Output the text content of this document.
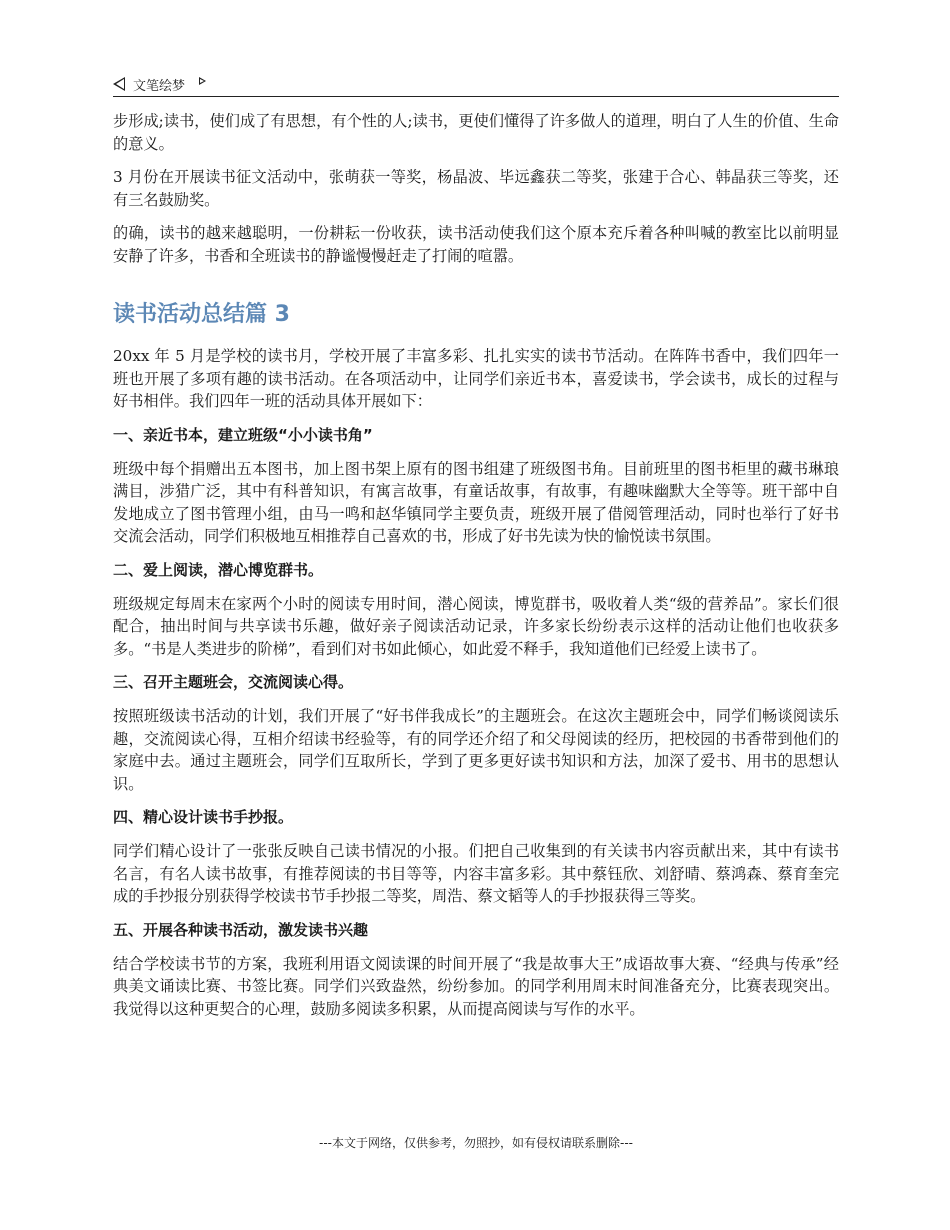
文笔绘梦

步形成;读书，使们成了有思想，有个性的人;读书，更使们懂得了许多做人的道理，明白了人生的价值、生命的意义。

3 月份在开展读书征文活动中，张萌获一等奖，杨晶波、毕远鑫获二等奖，张建于合心、韩晶获三等奖，还有三名鼓励奖。

的确，读书的越来越聪明，一份耕耘一份收获，读书活动使我们这个原本充斥着各种叫喊的教室比以前明显安静了许多，书香和全班读书的静谧慢慢赶走了打闹的喧嚣。

读书活动总结篇 3

20xx 年 5 月是学校的读书月，学校开展了丰富多彩、扎扎实实的读书节活动。在阵阵书香中，我们四年一班也开展了多项有趣的读书活动。在各项活动中，让同学们亲近书本，喜爱读书，学会读书，成长的过程与好书相伴。我们四年一班的活动具体开展如下：

一、亲近书本，建立班级“小小读书角”

班级中每个捐赠出五本图书，加上图书架上原有的图书组建了班级图书角。目前班里的图书柜里的藏书琳琅满目，涉猎广泛，其中有科普知识，有寓言故事，有童话故事，有故事，有趣味幽默大全等等。班干部中自发地成立了图书管理小组，由马一鸣和赵华镇同学主要负责，班级开展了借阅管理活动，同时也举行了好书交流会活动，同学们积极地互相推荐自己喜欢的书，形成了好书先读为快的愉悦读书氛围。

二、爱上阅读，潜心博览群书。

班级规定每周末在家两个小时的阅读专用时间，潜心阅读，博览群书，吸收着人类“级的营养品”。家长们很配合，抽出时间与共享读书乐趣，做好亲子阅读活动记录，许多家长纷纷表示这样的活动让他们也收获多多。“书是人类进步的阶梯”，看到们对书如此倾心，如此爱不释手，我知道他们已经爱上读书了。

三、召开主题班会，交流阅读心得。

按照班级读书活动的计划，我们开展了“好书伴我成长”的主题班会。在这次主题班会中，同学们畅谈阅读乐趣，交流阅读心得，互相介绍读书经验等，有的同学还介绍了和父母阅读的经历，把校园的书香带到他们的家庭中去。通过主题班会，同学们互取所长，学到了更多更好读书知识和方法，加深了爱书、用书的思想认识。

四、精心设计读书手抄报。

同学们精心设计了一张张反映自己读书情况的小报。们把自己收集到的有关读书内容贡献出来，其中有读书名言，有名人读书故事，有推荐阅读的书目等等，内容丰富多彩。其中蔡钰欣、刘舒晴、蔡鸿森、蔡育奎完成的手抄报分别获得学校读书节手抄报二等奖，周浩、蔡文韬等人的手抄报获得三等奖。

五、开展各种读书活动，激发读书兴趣

结合学校读书节的方案，我班利用语文阅读课的时间开展了“我是故事大王”成语故事大赛、“经典与传承”经典美文诵读比赛、书签比赛。同学们兴致盎然，纷纷参加。的同学利用周末时间准备充分，比赛表现突出。我觉得以这种更契合的心理，鼓励多阅读多积累，从而提高阅读与写作的水平。

---本文于网络，仅供参考，勿照抄，如有侵权请联系删除---
